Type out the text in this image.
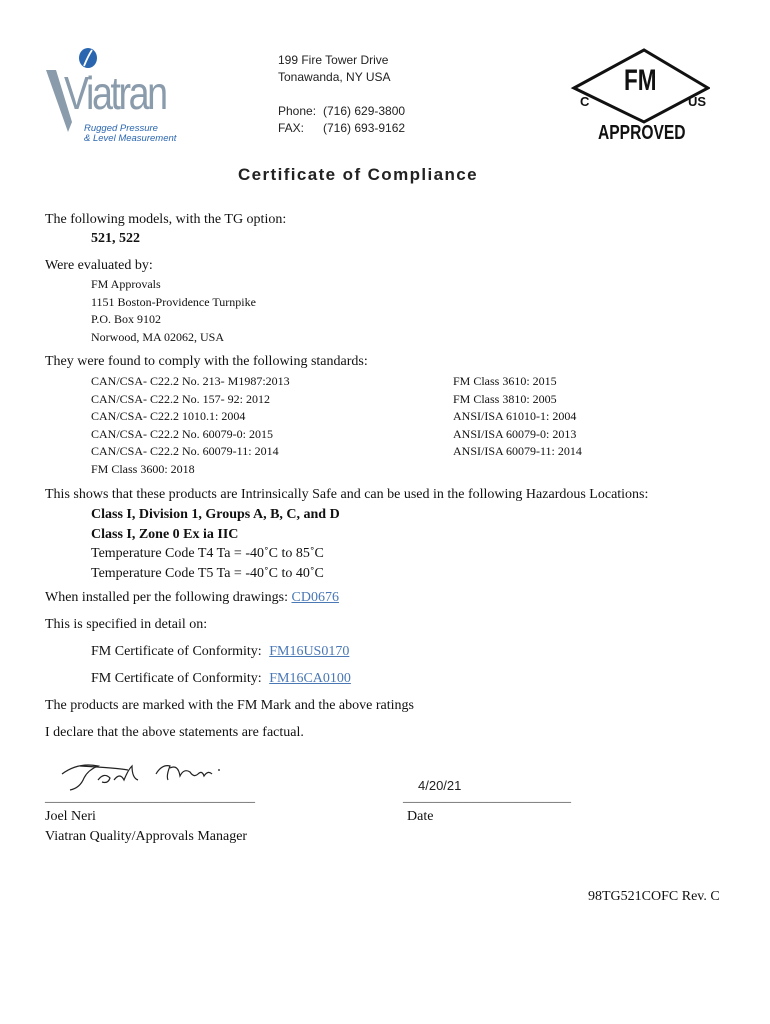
Viatran
Rugged Pressure
& Level Measurement
199 Fire Tower Drive
Tonawanda, NY USA
Phone: (716) 629-3800
FAX: (716) 693-9162
FM
C	US
APPROVED
Certificate of Compliance
The following models, with the TG option:
521, 522
Were evaluated by:
FM Approvals
1151 Boston-Providence Turnpike
P.O. Box 9102
Norwood, MA 02062, USA
They were found to comply with the following standards:
CAN/CSA- C22.2 No. 213- M1987:2013
CAN/CSA- C22.2 No. 157- 92: 2012
CAN/CSA- C22.2 1010.1: 2004
CAN/CSA- C22.2 No. 60079-0: 2015
CAN/CSA- C22.2 No. 60079-11: 2014
FM Class 3600: 2018
FM Class 3610: 2015
FM Class 3810: 2005
ANSI/ISA 61010-1: 2004
ANSI/ISA 60079-0: 2013
ANSI/ISA 60079-11: 2014
This shows that these products are Intrinsically Safe and can be used in the following Hazardous Locations:
Class I, Division 1, Groups A, B, C, and D
Class I, Zone 0 Ex ia IIC
Temperature Code T4 Ta = -40˚C to 85˚C
Temperature Code T5 Ta = -40˚C to 40˚C
When installed per the following drawings: CD0676
This is specified in detail on:
FM Certificate of Conformity: FM16US0170
FM Certificate of Conformity: FM16CA0100
The products are marked with the FM Mark and the above ratings
I declare that the above statements are factual.
______________________________
4/20/21
________________________
Joel Neri	Date
Viatran Quality/Approvals Manager
98TG521COFC Rev. C
